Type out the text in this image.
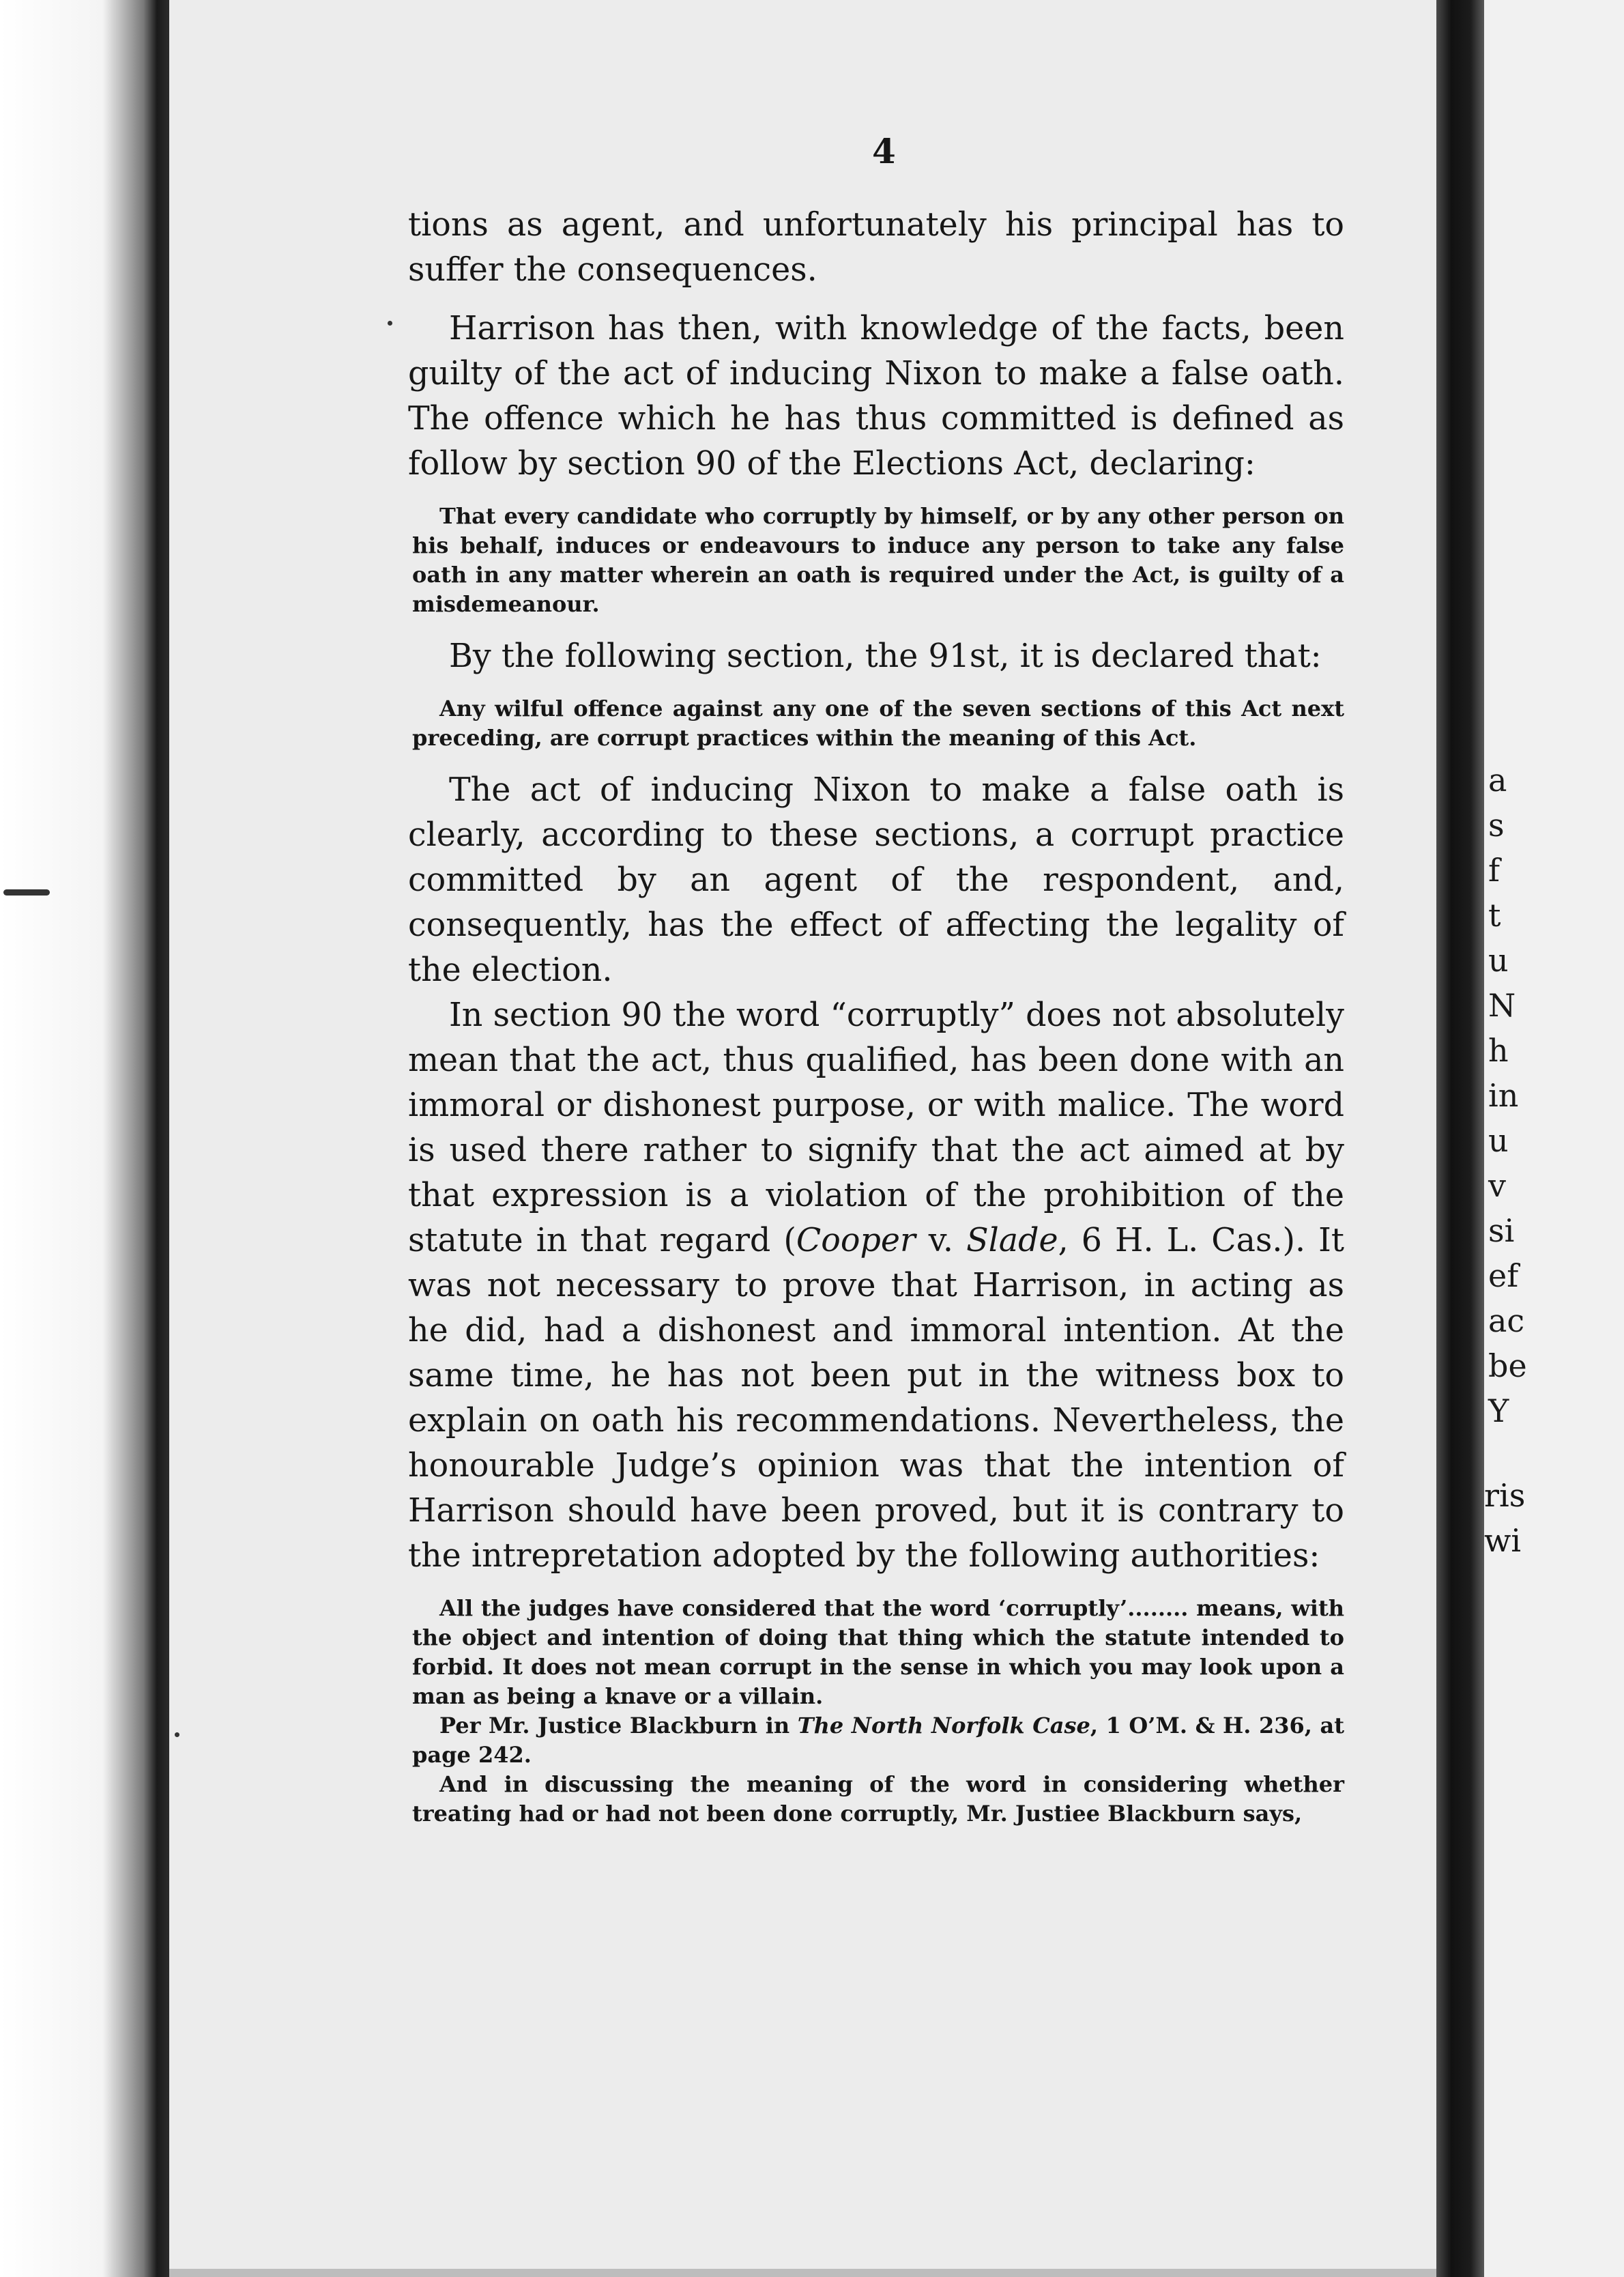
a
s
f
t
u
N
h
in
u
v
si
ef
ac
be
Y
ris
wi
4

tions as agent, and unfortunately his principal has to suffer the consequences.

Harrison has then, with knowledge of the facts, been guilty of the act of inducing Nixon to make a false oath. The offence which he has thus committed is defined as follow by section 90 of the Elections Act, declaring:

That every candidate who corruptly by himself, or by any other person on his behalf, induces or endeavours to induce any person to take any false oath in any matter wherein an oath is required under the Act, is guilty of a misdemeanour.

By the following section, the 91st, it is declared that:

Any wilful offence against any one of the seven sections of this Act next preceding, are corrupt practices within the meaning of this Act.

The act of inducing Nixon to make a false oath is clearly, according to these sections, a corrupt practice committed by an agent of the respondent, and, consequently, has the effect of affecting the legality of the election.

In section 90 the word “corruptly” does not absolutely mean that the act, thus qualified, has been done with an immoral or dishonest purpose, or with malice. The word is used there rather to signify that the act aimed at by that expression is a violation of the prohibition of the statute in that regard (Cooper v. Slade, 6 H. L. Cas.). It was not necessary to prove that Harrison, in acting as he did, had a dishonest and immoral intention. At the same time, he has not been put in the witness box to explain on oath his recommendations. Nevertheless, the honourable Judge’s opinion was that the intention of Harrison should have been proved, but it is contrary to the intrepretation adopted by the following authorities:

All the judges have considered that the word ‘corruptly’........ means, with the object and intention of doing that thing which the statute intended to forbid. It does not mean corrupt in the sense in which you may look upon a man as being a knave or a villain.

Per Mr. Justice Blackburn in The North Norfolk Case, 1 O’M. & H. 236, at page 242.

And in discussing the meaning of the word in considering whether treating had or had not been done corruptly, Mr. Justiee Blackburn says,
